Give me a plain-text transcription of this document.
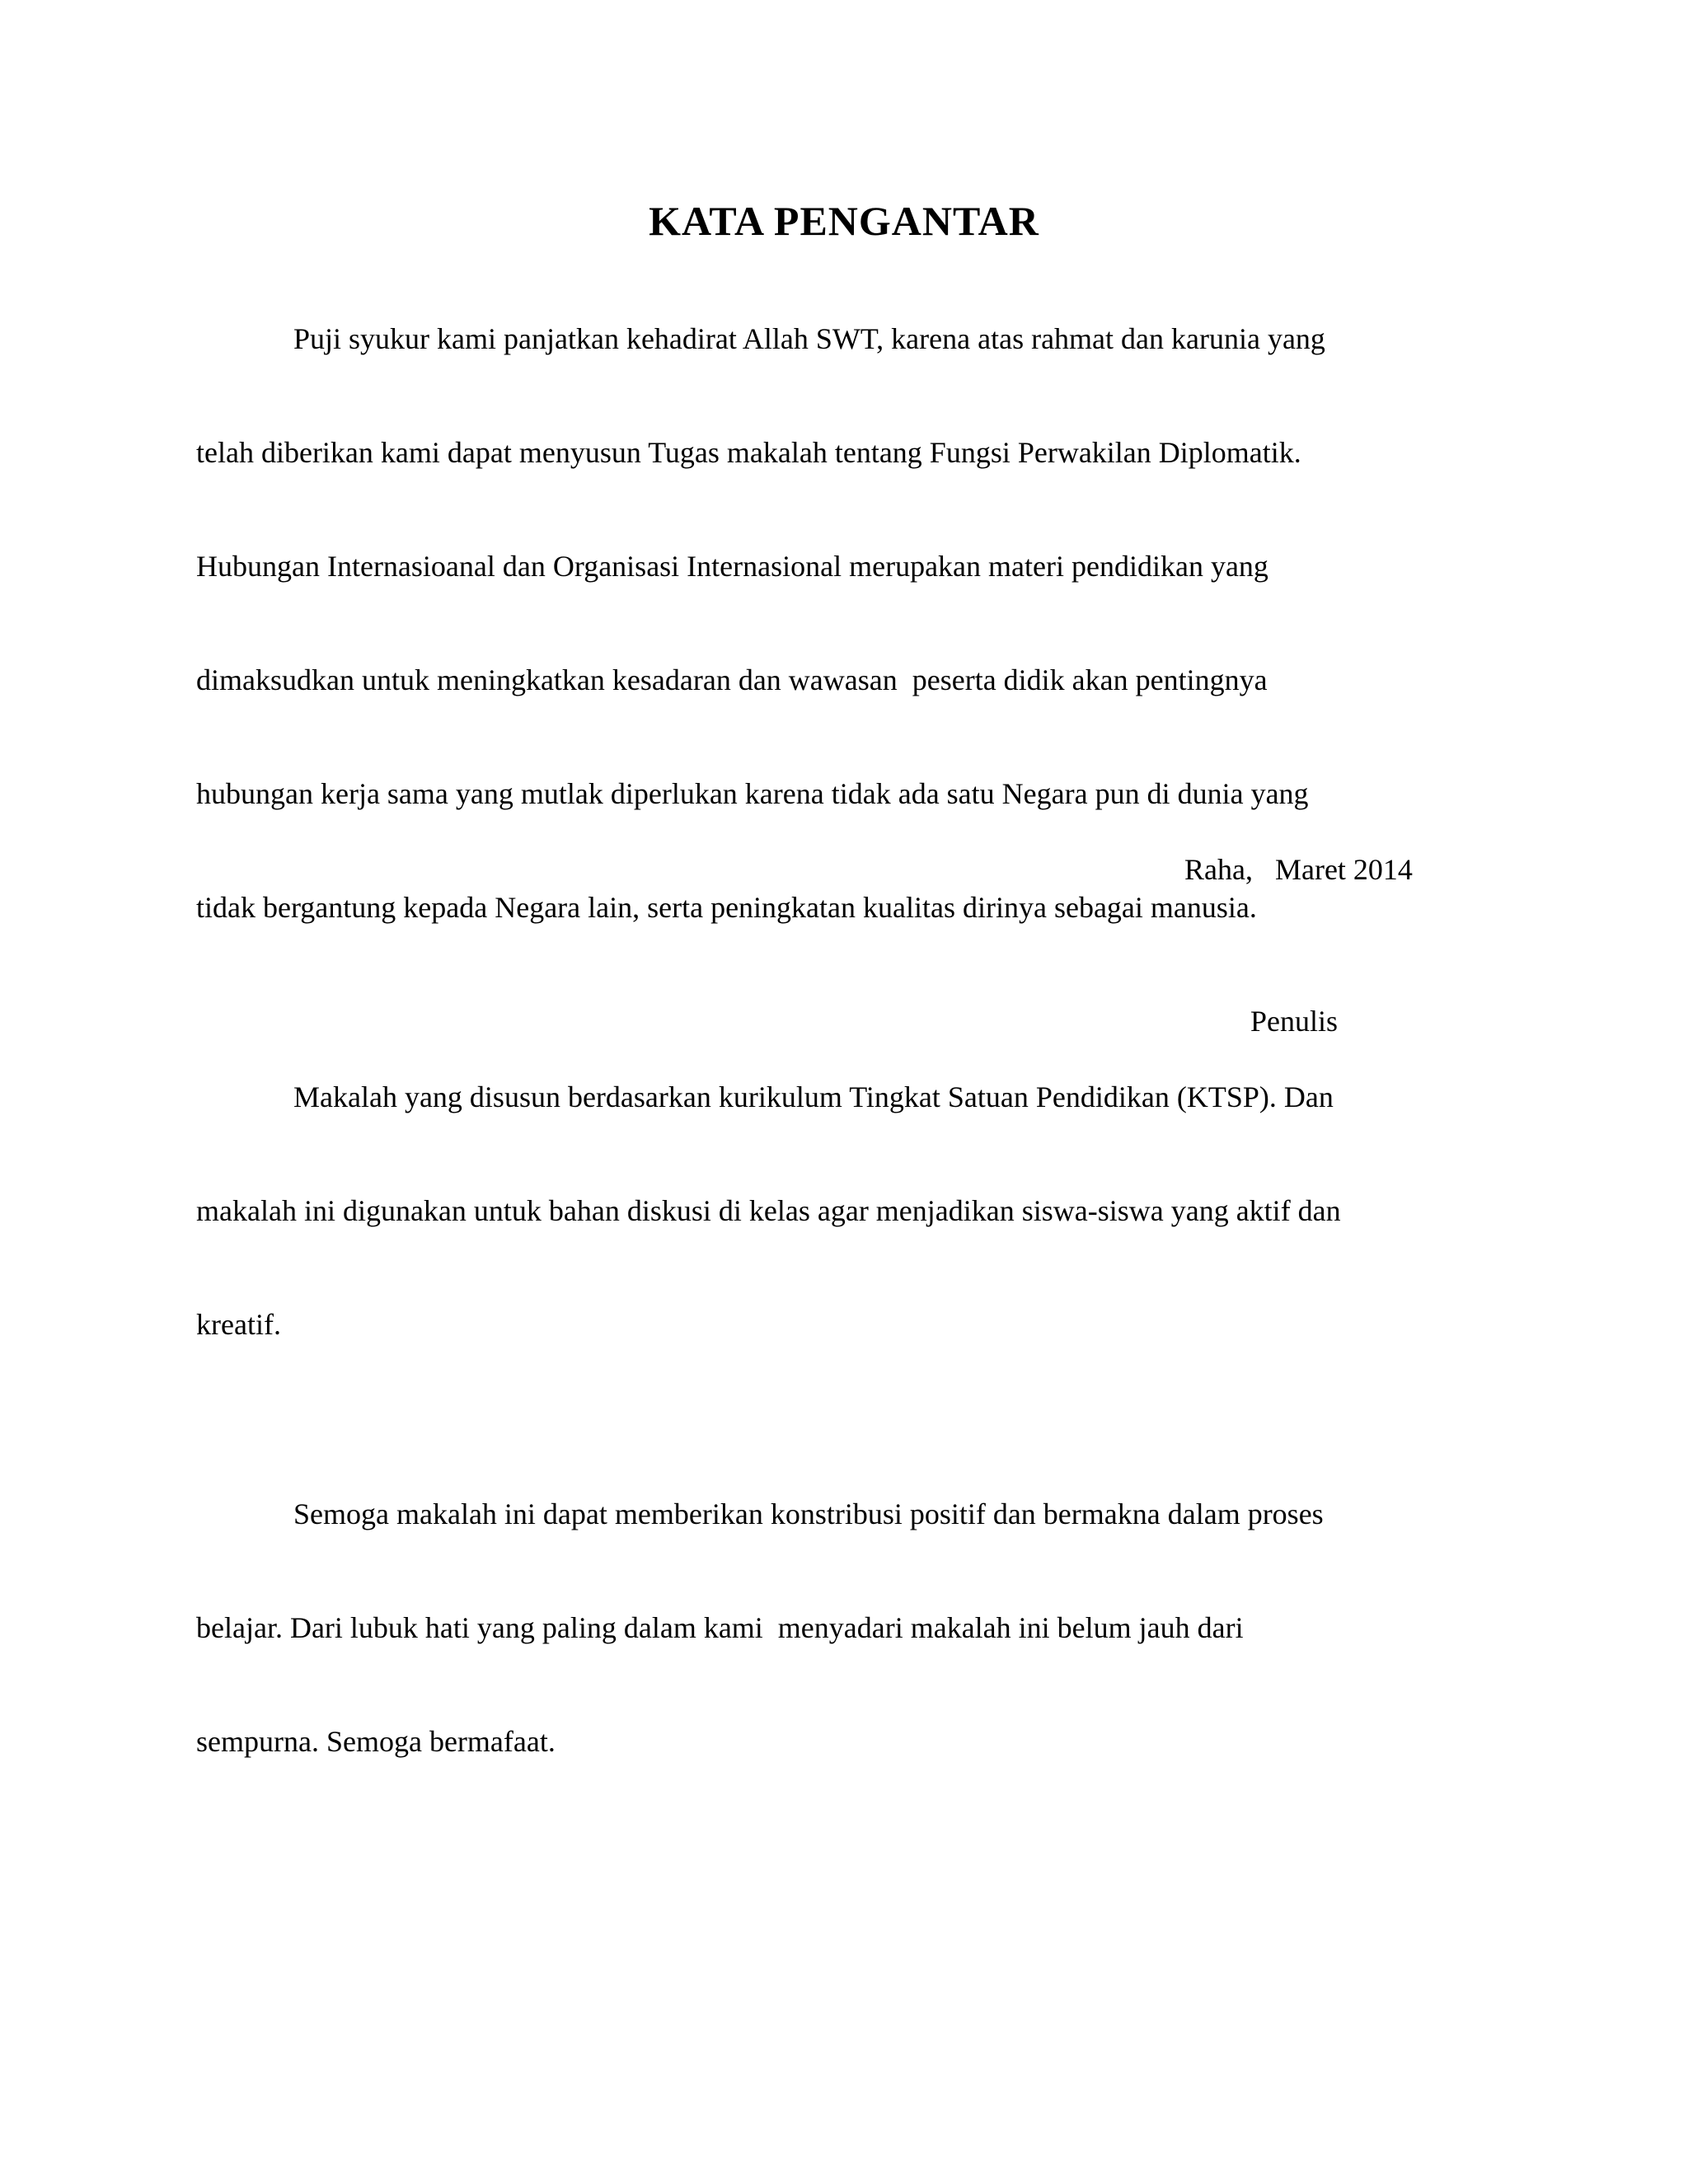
KATA PENGANTAR

Puji syukur kami panjatkan kehadirat Allah SWT, karena atas rahmat dan karunia yang

telah diberikan kami dapat menyusun Tugas makalah tentang Fungsi Perwakilan Diplomatik.

Hubungan Internasioanal dan Organisasi Internasional merupakan materi pendidikan yang

dimaksudkan untuk meningkatkan kesadaran dan wawasan  peserta didik akan pentingnya

hubungan kerja sama yang mutlak diperlukan karena tidak ada satu Negara pun di dunia yang

tidak bergantung kepada Negara lain, serta peningkatan kualitas dirinya sebagai manusia.

Makalah yang disusun berdasarkan kurikulum Tingkat Satuan Pendidikan (KTSP). Dan

makalah ini digunakan untuk bahan diskusi di kelas agar menjadikan siswa-siswa yang aktif dan

kreatif.

Semoga makalah ini dapat memberikan konstribusi positif dan bermakna dalam proses

belajar. Dari lubuk hati yang paling dalam kami  menyadari makalah ini belum jauh dari

sempurna. Semoga bermafaat.

Raha,   Maret 2014
Penulis
